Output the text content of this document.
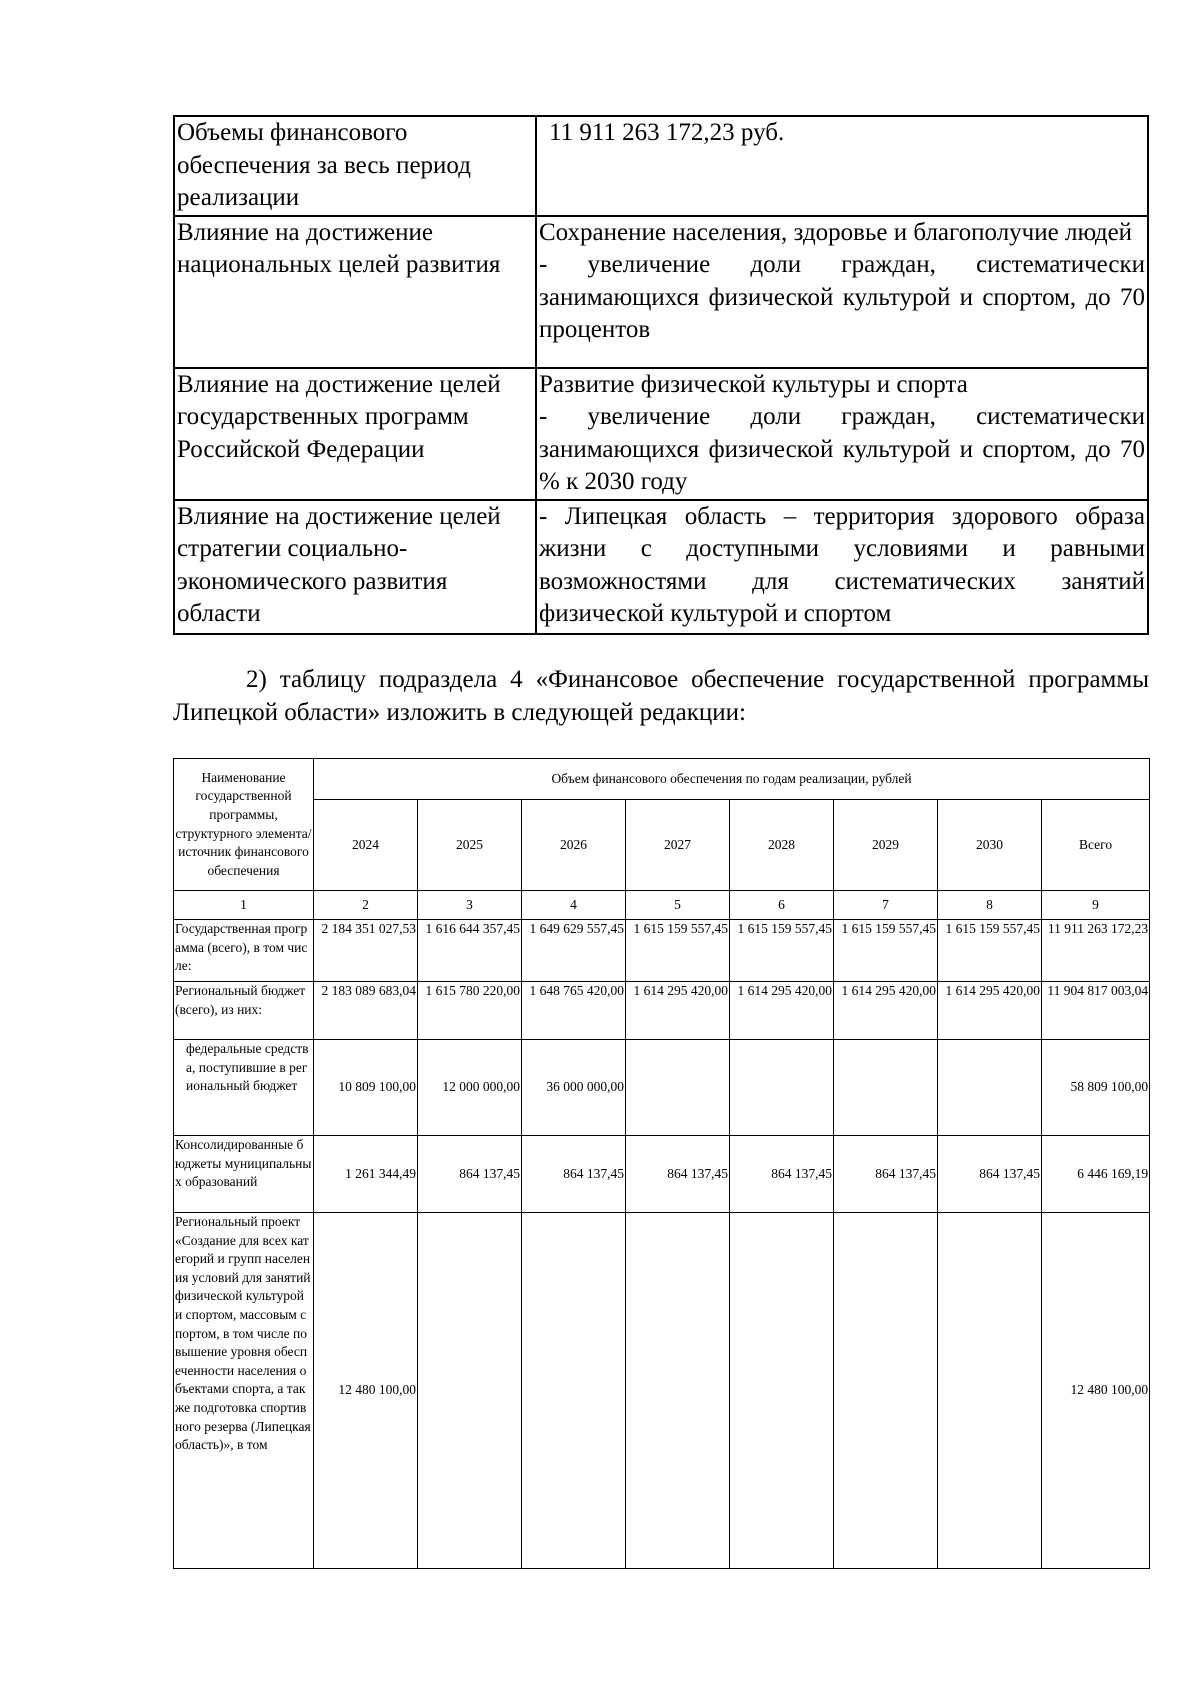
Объемы финансового обеспечения за весь период реализации	11 911 263 172,23 руб.

Влияние на достижение национальных целей развития	Сохранение населения, здоровье и благополучие людей

- увеличение доли граждан, систематически занимающихся физической культурой и спортом, до 70 процентов

Влияние на достижение целей государственных программ Российской Федерации	Развитие физической культуры и спорта

- увеличение доли граждан, систематически занимающихся физической культурой и спортом, до 70 % к 2030 году

Влияние на достижение целей стратегии социально-экономического развития области	- Липецкая область – территория здорового образа жизни с доступными условиями и равными возможностями для систематических занятий физической культурой и спортом

2) таблицу подраздела 4 «Финансовое обеспечение государственной программы Липецкой области» изложить в следующей редакции:

Наименование государственной программы, структурного элемента/источник финансового обеспечения	Объем финансового обеспечения по годам реализации, рублей							
	2024	2025	2026	2027	2028	2029	2030	Всего
1	2	3	4	5	6	7	8	9
Государственная программа (всего), в том числе:	2 184 351 027,53	1 616 644 357,45	1 649 629 557,45	1 615 159 557,45	1 615 159 557,45	1 615 159 557,45	1 615 159 557,45	11 911 263 172,23
Региональный бюджет (всего), из них:	2 183 089 683,04	1 615 780 220,00	1 648 765 420,00	1 614 295 420,00	1 614 295 420,00	1 614 295 420,00	1 614 295 420,00	11 904 817 003,04
федеральные средства, поступившие в региональный бюджет	10 809 100,00	12 000 000,00	36 000 000,00					58 809 100,00
Консолидированные бюджеты муниципальных образований	1 261 344,49	864 137,45	864 137,45	864 137,45	864 137,45	864 137,45	864 137,45	6 446 169,19
Региональный проект «Создание для всех категорий и групп населения условий для занятий физической культурой и спортом, массовым спортом, в том числе повышение уровня обеспеченности населения объектами спорта, а также подготовка спортивного резерва (Липецкая область)», в том	12 480 100,00							12 480 100,00
